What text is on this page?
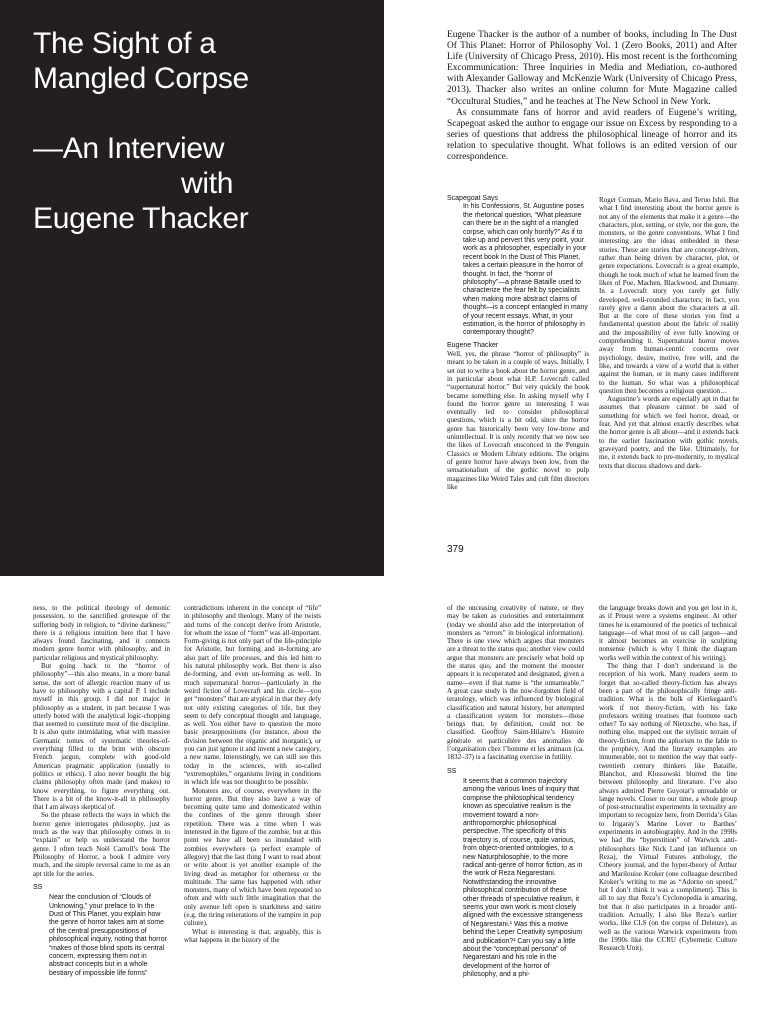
The Sight of a
Mangled Corpse
—An Interview
with
Eugene Thacker

Eugene Thacker is the author of a number of books, including In The Dust Of This Planet: Horror of Philosophy Vol. 1 (Zero Books, 2011) and After Life (University of Chicago Press, 2010). His most recent is the forthcoming Excommunication: Three Inquiries in Media and Mediation, co-authored with Alexander Galloway and McKenzie Wark (University of Chicago Press, 2013). Thacker also writes an online column for Mute Magazine called “Occultural Studies,” and he teaches at The New School in New York.

As consummate fans of horror and avid readers of Eugene’s writing, Scapegoat asked the author to engage our issue on Excess by responding to a series of questions that address the philosophical lineage of horror and its relation to speculative thought. What follows is an edited version of our correspondence.

Scapegoat Says

In his Confessions, St. Augustine poses the rhetorical question, “What pleasure can there be in the sight of a mangled corpse, which can only horrify?” As if to take up and pervert this very point, your work as a philosopher, especially in your recent book In the Dust of This Planet, takes a certain pleasure in the horror of thought. In fact, the “horror of philosophy”—a phrase Bataille used to characterize the fear felt by specialists when making more abstract claims of thought—is a concept entangled in many of your recent essays. What, in your estimation, is the horror of philosophy in contemporary thought?

Eugene Thacker

Well, yes, the phrase “horror of philosophy” is meant to be taken in a couple of ways. Initially, I set out to write a book about the horror genre, and in particular about what H.P. Lovecraft called “supernatural horror.” But very quickly the book became something else. In asking myself why I found the horror genre so interesting I was eventually led to consider philosophical questions, which is a bit odd, since the horror genre has historically been very low-brow and unintellectual. It is only recently that we now see the likes of Lovecraft ensconced in the Penguin Classics or Modern Library editions. The origins of genre horror have always been low, from the sensationalism of the gothic novel to pulp magazines like Weird Tales and cult film directors like

Roger Corman, Mario Bava, and Teruo Ishii. But what I find interesting about the horror genre is not any of the elements that make it a genre—the characters, plot, setting, or style, nor the gore, the monsters, or the genre conventions. What I find interesting are the ideas embedded in these stories. These are stories that are concept-driven, rather than being driven by character, plot, or genre expectations. Lovecraft is a great example, though he took much of what he learned from the likes of Poe, Machen, Blackwood, and Dunsany. In a Lovecraft story you rarely get fully developed, well-rounded characters; in fact, you rarely give a damn about the characters at all. But at the core of these stories you find a fundamental question about the fabric of reality and the impossibility of ever fully knowing or comprehending it. Supernatural horror moves away from human-centric concerns over psychology, desire, motive, free will, and the like, and towards a view of a world that is either against the human, or in many cases indifferent to the human. So what was a philosophical question then becomes a religious question…

Augustine’s words are especially apt in that he assumes that pleasure cannot be said of something for which we feel horror, dread, or fear. And yet that almost exactly describes what the horror genre is all about—and it extends back to the earlier fascination with gothic novels, graveyard poetry, and the like. Ultimately, for me, it extends back to pre-modernity, to mystical texts that discuss shadows and dark-

379

ness, to the political theology of demonic possession, to the sanctified grotesque of the suffering body in religion, to “divine darkness;” there is a religious intuition here that I have always found fascinating, and it connects modern genre horror with philosophy, and in particular religious and mystical philosophy.

But going back to the “horror of philosophy”—this also means, in a more banal sense, the sort of allergic reaction many of us have to philosophy with a capital P. I include myself in this group. I did not major in philosophy as a student, in part because I was utterly bored with the analytical logic-chopping that seemed to constitute most of the discipline. It is also quite intimidating, what with massive Germanic tomes of systematic theories-of-everything filled to the brim with obscure French jargon, complete with good-old American pragmatic application (usually to politics or ethics). I also never bought the big claims philosophy often made (and makes) to know everything, to figure everything out. There is a bit of the know-it-all in philosophy that I am always skeptical of.

So the phrase reflects the ways in which the horror genre interrogates philosophy, just as much as the way that philosophy comes in to “explain” or help us understand the horror genre. I often teach Noël Carroll’s book The Philosophy of Horror, a book I admire very much, and the simple reversal came to me as an apt title for the series.

SS

Near the conclusion of “Clouds of Unknowing,” your preface to In the Dust of This Planet, you explain how the genre of horror takes aim at some of the central presuppositions of philosophical inquiry, noting that horror “makes of those blind spots its central concern, expressing them not in abstract concepts but in a whole bestiary of impossible life forms”

contradictions inherent in the concept of “life” in philosophy and theology. Many of the twists and turns of the concept derive from Aristotle, for whom the issue of “form” was all-important. Form-giving is not only part of the life-principle for Aristotle, but forming and in-forming are also part of life processes, and this led him to his natural philosophy work. But there is also de-forming, and even un-forming as well. In much supernatural horror—particularly in the weird fiction of Lovecraft and his circle—you get “monsters” that are atypical in that they defy not only existing categories of life, but they seem to defy conceptual thought and language, as well. You either have to question the more basic presuppositions (for instance, about the division between the organic and inorganic), or you can just ignore it and invent a new category, a new name. Interestingly, we can still see this today in the sciences, with so-called “extremophiles,” organisms living in conditions in which life was not thought to be possible.

Monsters are, of course, everywhere in the horror genre. But they also have a way of becoming quite tame and domesticated within the confines of the genre through sheer repetition. There was a time when I was interested in the figure of the zombie, but at this point we have all been so inundated with zombies everywhere (a perfect example of allegory) that the last thing I want to read about or write about is yet another example of the living dead as metaphor for otherness or the multitude. The same has happened with other monsters, many of which have been repeated so often and with such little imagination that the only avenue left open is snarkiness and satire (e.g. the tiring reiterations of the vampire in pop culture).

What is interesting is that, arguably, this is what happens in the history of the

of the unceasing creativity of nature, or they may be taken as curiosities and entertainment (today we should also add the interpretation of monsters as “errors” in biological information). There is one view which argues that monsters are a threat to the status quo; another view could argue that monsters are precisely what hold up the status quo, and the moment the monster appears it is recuperated and designated, given a name—even if that name is “the unnameable.” A great case study is the now-forgotten field of teratology, which was influenced by biological classification and natural history, but attempted a classification system for monsters—those beings that, by definition, could not be classified. Geoffroy Saint-Hilaire’s Histoire générale et particulière des anomalies de l’organisation chez l’homme et les animaux (ca. 1832–37) is a fascinating exercise in futility.

SS

It seems that a common trajectory among the various lines of inquiry that comprise the philosophical tendency known as speculative realism is the movement toward a non-anthropomorphic philosophical perspective. The specificity of this trajectory is, of course, quite various, from object-oriented ontologies, to a new Naturphilosophie, to the more radical anti-genre of horror fiction, as in the work of Reza Negarestani. Notwithstanding the innovative philosophical contribution of these other threads of speculative realism, it seems your own work is most closely aligned with the excessive strangeness of Negarestani.¹ Was this a motive behind the Leper Creativity symposium and publication?² Can you say a little about the “conceptual persona” of Negarestani and his role in the development of the horror of philosophy, and a phi-

the language breaks down and you get lost in it, as if Proust were a systems engineer. At other times he is enamoured of the poetics of technical language—of what most of us call jargon—and it almost becomes an exercise in sculpting nonsense (which is why I think the diagram works well within the context of his writing).

The thing that I don’t understand is the reception of his work. Many readers seem to forget that so-called theory-fiction has always been a part of the philosophically fringe anti-tradition. What is the bulk of Kierkegaard’s work if not theory-fiction, with his fake professors writing treatises that footnote each other? To say nothing of Nietzsche, who has, if nothing else, mapped out the stylistic terrain of theory-fiction, from the aphorism to the fable to the prophecy. And the literary examples are innumerable, not to mention the way that early-twentieth century thinkers like Bataille, Blanchot, and Klossowski blurred the line between philosophy and literature. I’ve also always admired Pierre Guyotat’s unreadable or lange novels. Closer to our time, a whole group of post-structuralist experiments in textuality are important to recognize here, from Derrida’s Glas to Irigaray’s Marine Lover to Barthes’ experiments in autobiography. And in the 1990s we had the “hyperstition” of Warwick anti-philosophers like Nick Land (an influence on Reza), the Virtual Futures anthology, the Ctheory journal, and the hyper-theory of Arthur and Marilouise Kroker (one colleague described Kroker’s writing to me as “Adorno on speed,” but I don’t think it was a compliment). This is all to say that Reza’s Cyclonopedia is amazing, but that it also participates in a broader anti-tradition. Actually, I also like Reza’s earlier works, like CLS (on the corpse of Deleuze), as well as the various Warwick experiments from the 1990s like the CCRU (Cybernetic Culture Research Unit).
